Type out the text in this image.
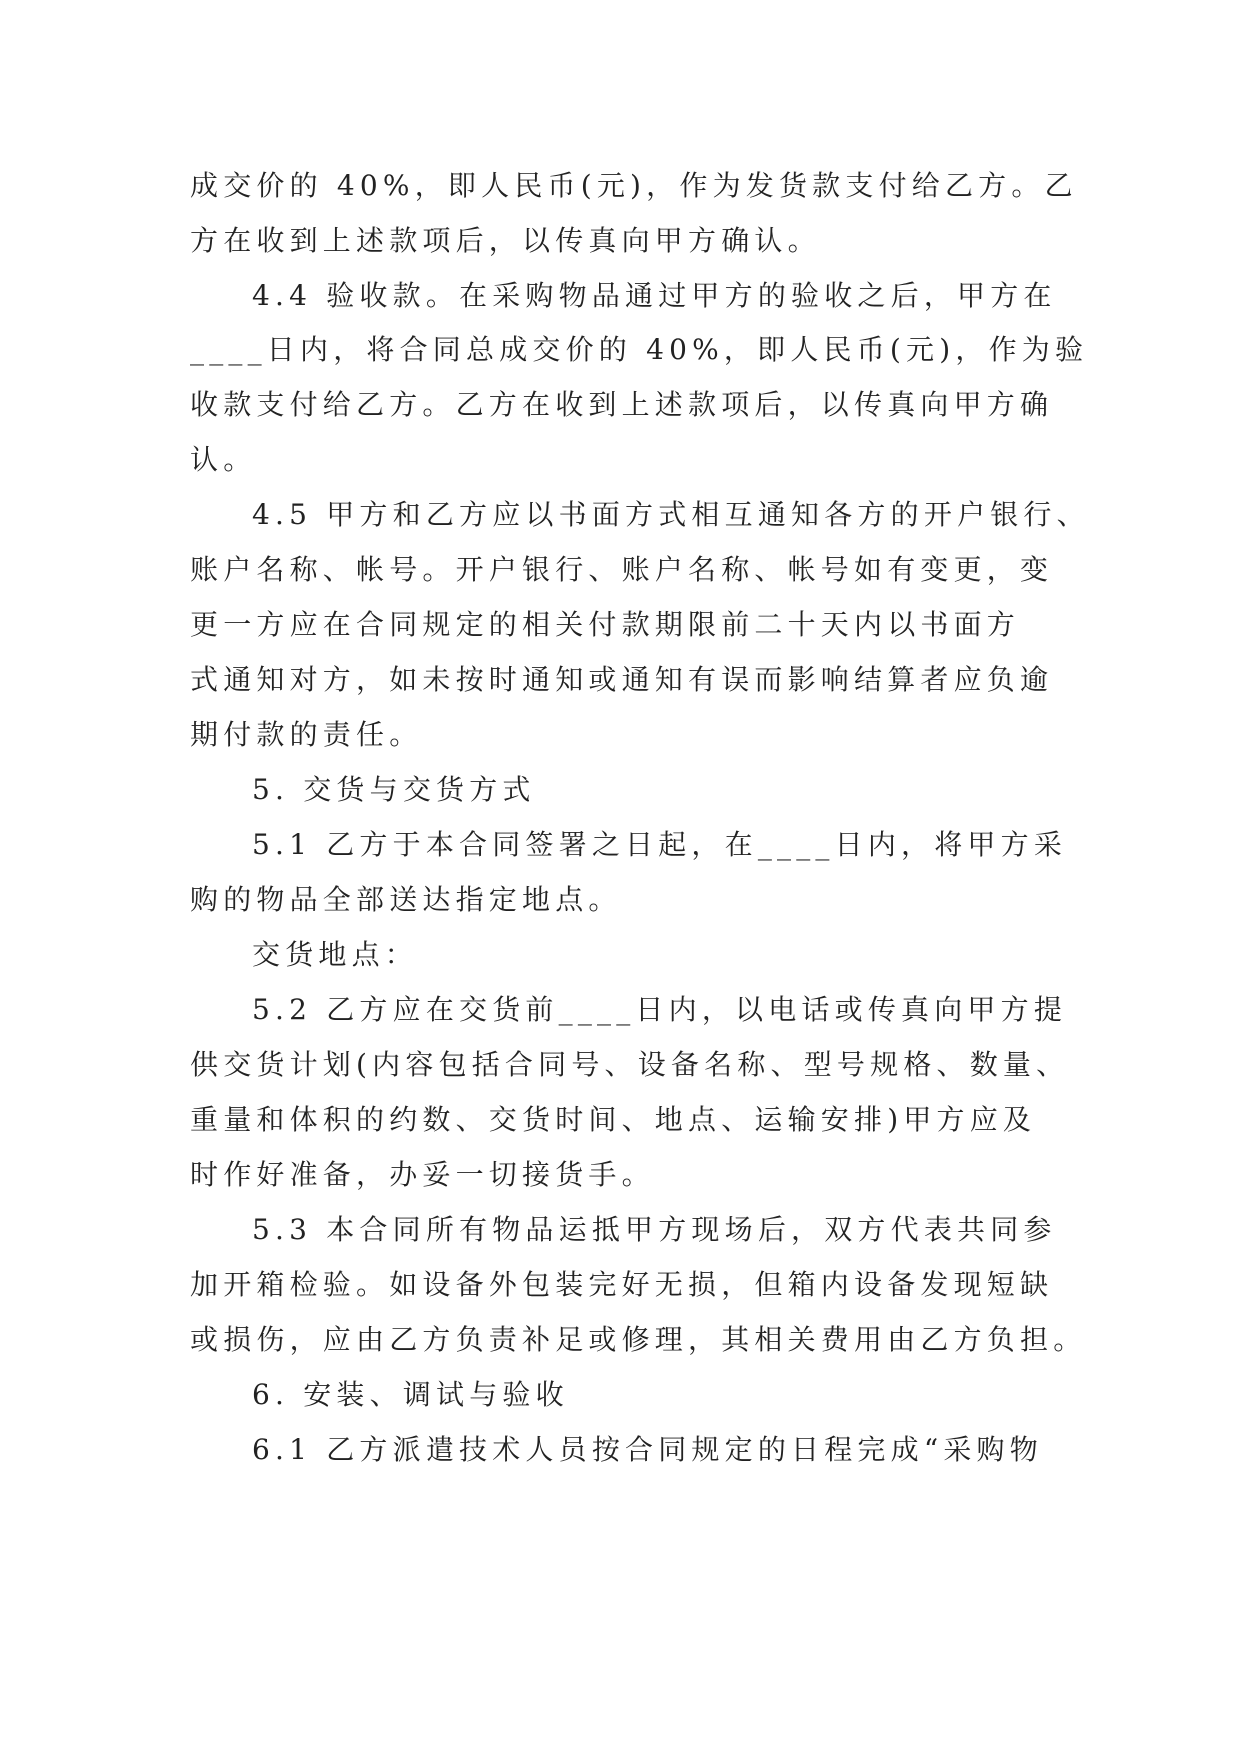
成交价的 40%，即人民币(元)，作为发货款支付给乙方。乙

方在收到上述款项后，以传真向甲方确认。

4.4 验收款。在采购物品通过甲方的验收之后，甲方在

____日内，将合同总成交价的 40%，即人民币(元)，作为验

收款支付给乙方。乙方在收到上述款项后，以传真向甲方确

认。

4.5 甲方和乙方应以书面方式相互通知各方的开户银行、

账户名称、帐号。开户银行、账户名称、帐号如有变更，变

更一方应在合同规定的相关付款期限前二十天内以书面方

式通知对方，如未按时通知或通知有误而影响结算者应负逾

期付款的责任。

5. 交货与交货方式

5.1 乙方于本合同签署之日起，在____日内，将甲方采

购的物品全部送达指定地点。

交货地点：

5.2 乙方应在交货前____日内，以电话或传真向甲方提

供交货计划(内容包括合同号、设备名称、型号规格、数量、

重量和体积的约数、交货时间、地点、运输安排)甲方应及

时作好准备，办妥一切接货手。

5.3 本合同所有物品运抵甲方现场后，双方代表共同参

加开箱检验。如设备外包装完好无损，但箱内设备发现短缺

或损伤，应由乙方负责补足或修理，其相关费用由乙方负担。

6. 安装、调试与验收

6.1 乙方派遣技术人员按合同规定的日程完成“采购物
